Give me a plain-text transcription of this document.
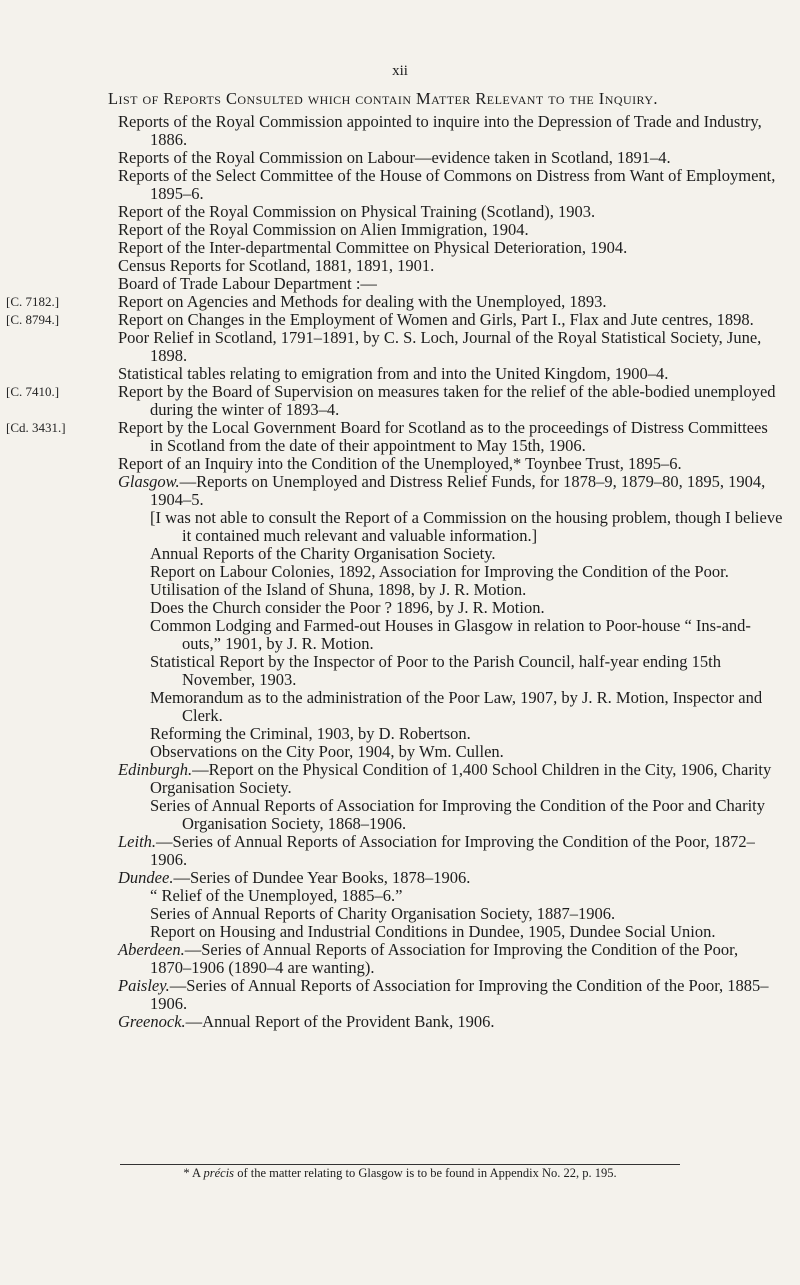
xii
List of Reports Consulted which contain Matter Relevant to the Inquiry.
Reports of the Royal Commission appointed to inquire into the Depression of Trade and Industry, 1886.
Reports of the Royal Commission on Labour—evidence taken in Scotland, 1891–4.
Reports of the Select Committee of the House of Commons on Distress from Want of Employment, 1895–6.
Report of the Royal Commission on Physical Training (Scotland), 1903.
Report of the Royal Commission on Alien Immigration, 1904.
Report of the Inter-departmental Committee on Physical Deterioration, 1904.
Census Reports for Scotland, 1881, 1891, 1901.
Board of Trade Labour Department :—
[C. 7182.]	Report on Agencies and Methods for dealing with the Unemployed, 1893.
[C. 8794.]	Report on Changes in the Employment of Women and Girls, Part I., Flax and Jute centres, 1898.
Poor Relief in Scotland, 1791–1891, by C. S. Loch, Journal of the Royal Statistical Society, June, 1898.
Statistical tables relating to emigration from and into the United Kingdom, 1900–4.
[C. 7410.]	Report by the Board of Supervision on measures taken for the relief of the able-bodied unemployed during the winter of 1893–4.
[Cd. 3431.]	Report by the Local Government Board for Scotland as to the proceedings of Distress Committees in Scotland from the date of their appointment to May 15th, 1906.
Report of an Inquiry into the Condition of the Unemployed,* Toynbee Trust, 1895–6.
Glasgow.—Reports on Unemployed and Distress Relief Funds, for 1878–9, 1879–80, 1895, 1904, 1904–5.
[I was not able to consult the Report of a Commission on the housing problem, though I believe it contained much relevant and valuable information.]
Annual Reports of the Charity Organisation Society.
Report on Labour Colonies, 1892, Association for Improving the Condition of the Poor.
Utilisation of the Island of Shuna, 1898, by J. R. Motion.
Does the Church consider the Poor ? 1896, by J. R. Motion.
Common Lodging and Farmed-out Houses in Glasgow in relation to Poor-house “ Ins-and-outs,” 1901, by J. R. Motion.
Statistical Report by the Inspector of Poor to the Parish Council, half-year ending 15th November, 1903.
Memorandum as to the administration of the Poor Law, 1907, by J. R. Motion, Inspector and Clerk.
Reforming the Criminal, 1903, by D. Robertson.
Observations on the City Poor, 1904, by Wm. Cullen.
Edinburgh.—Report on the Physical Condition of 1,400 School Children in the City, 1906, Charity Organisation Society.
Series of Annual Reports of Association for Improving the Condition of the Poor and Charity Organisation Society, 1868–1906.
Leith.—Series of Annual Reports of Association for Improving the Condition of the Poor, 1872–1906.
Dundee.—Series of Dundee Year Books, 1878–1906.
“ Relief of the Unemployed, 1885–6.”
Series of Annual Reports of Charity Organisation Society, 1887–1906.
Report on Housing and Industrial Conditions in Dundee, 1905, Dundee Social Union.
Aberdeen.—Series of Annual Reports of Association for Improving the Condition of the Poor, 1870–1906 (1890–4 are wanting).
Paisley.—Series of Annual Reports of Association for Improving the Condition of the Poor, 1885–1906.
Greenock.—Annual Report of the Provident Bank, 1906.
* A précis of the matter relating to Glasgow is to be found in Appendix No. 22, p. 195.
